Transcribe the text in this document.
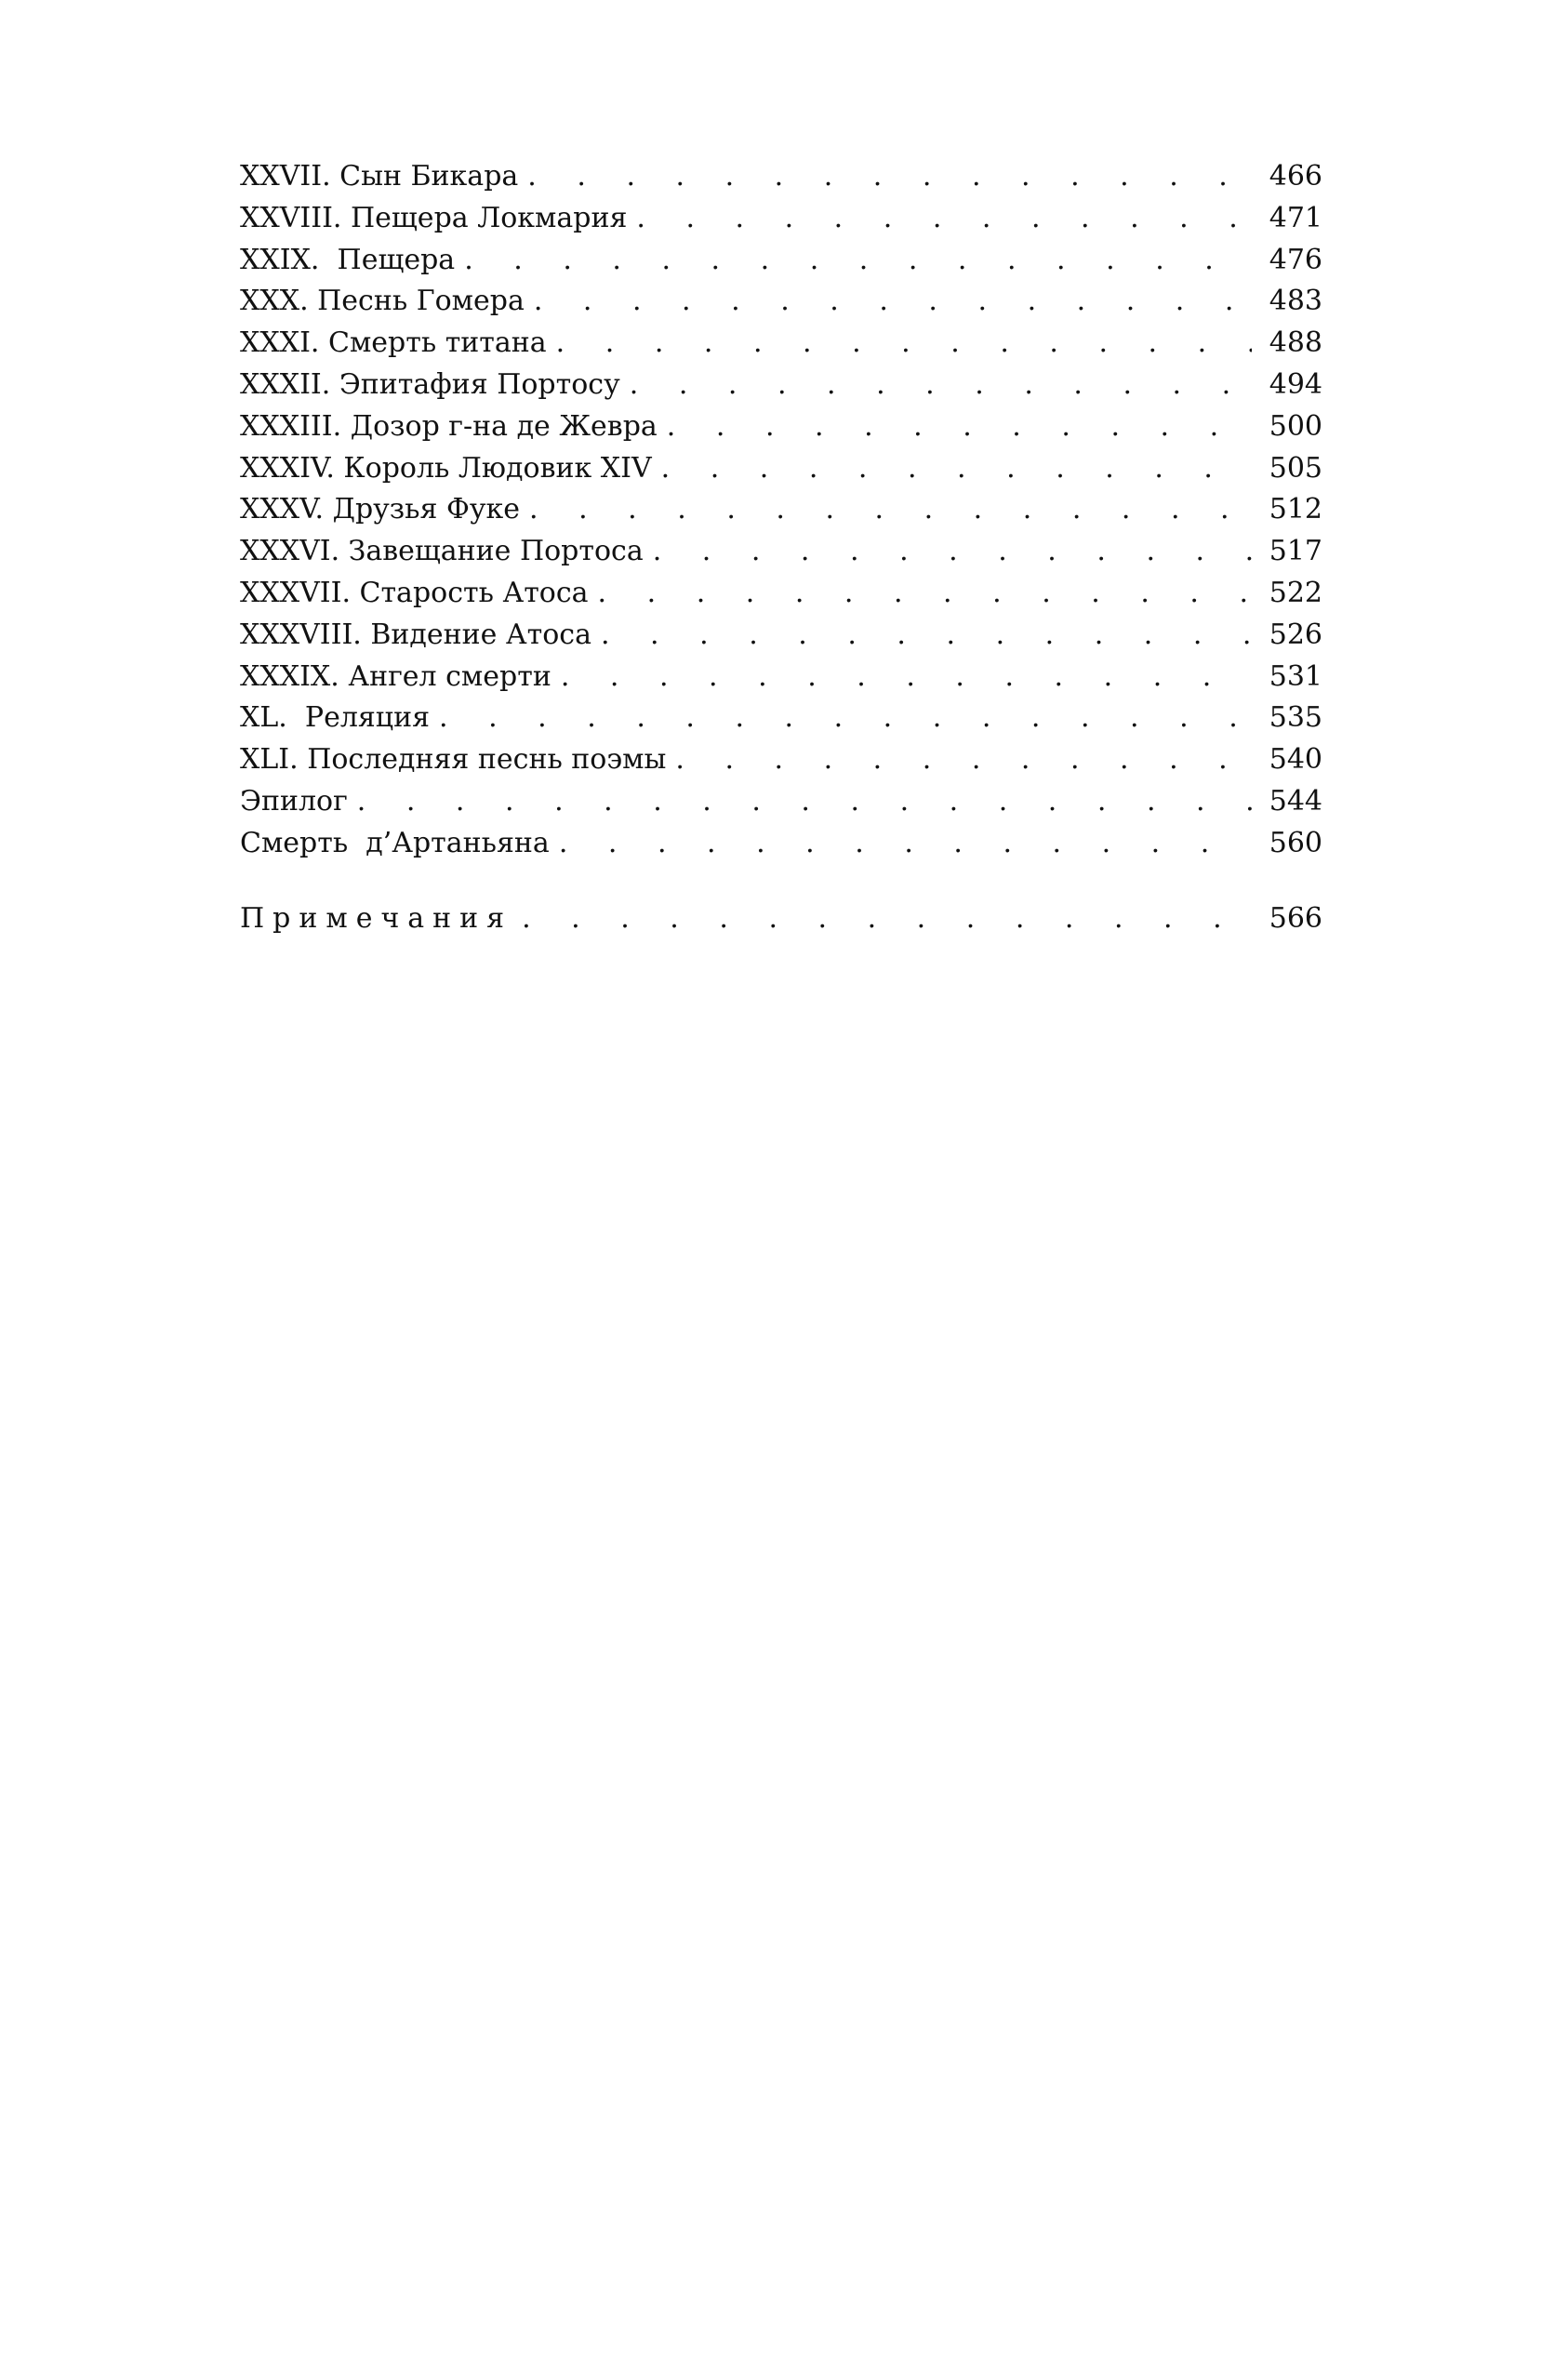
XXVII. Сын Бикара . . .	466
XXVIII. Пещера Локмария . . .	471
XXIX.  Пещера . . .	476
XXX. Песнь Гомера . . .	483
XXXI. Смерть титана . . .	488
XXXII. Эпитафия Портосу . . .	494
XXXIII. Дозор г-на де Жевра . . .	500
XXXIV. Король Людовик XIV . . .	505
XXXV. Друзья Фуке . . .	512
XXXVI. Завещание Портоса . . .	517
XXXVII. Старость Атоса . . .	522
XXXVIII. Видение Атоса . . .	526
XXXIX. Ангел смерти . . .	531
XL.  Реляция . . .	535
XLI. Последняя песнь поэмы . . .	540
Эпилог . . .	544
Смерть  д’Артаньяна . . .	560
Примечания . . .	566
